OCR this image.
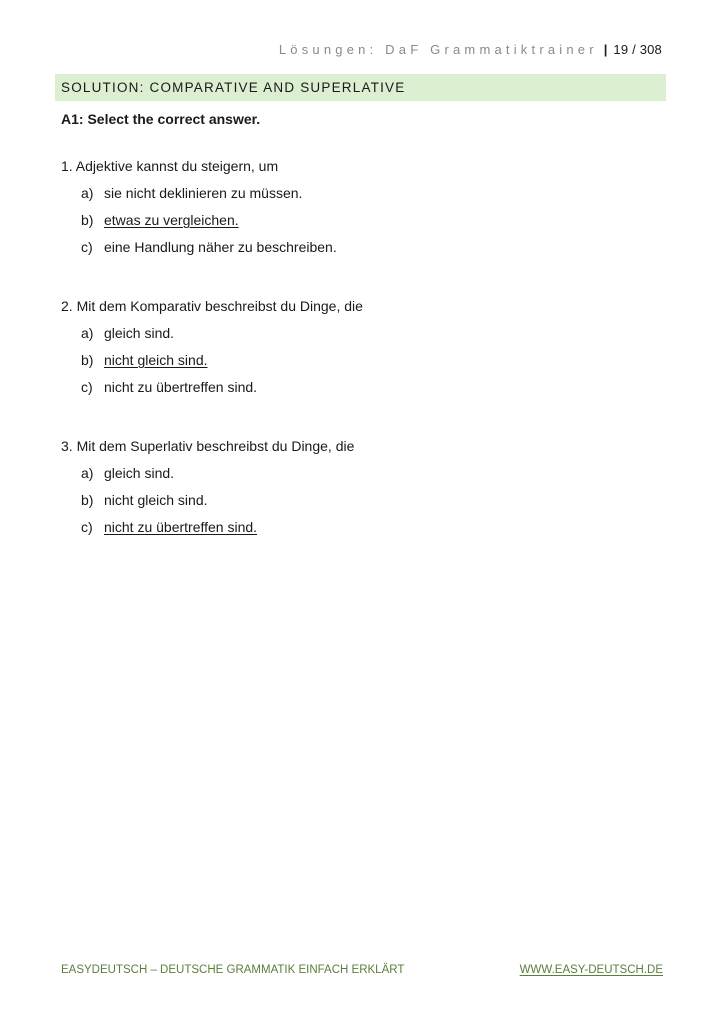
Lösungen: DaF Grammatiktrainer | 19 / 308
SOLUTION: COMPARATIVE AND SUPERLATIVE
A1: Select the correct answer.
1. Adjektive kannst du steigern, um
a) sie nicht deklinieren zu müssen.
b) etwas zu vergleichen.
c) eine Handlung näher zu beschreiben.
2. Mit dem Komparativ beschreibst du Dinge, die
a) gleich sind.
b) nicht gleich sind.
c) nicht zu übertreffen sind.
3. Mit dem Superlativ beschreibst du Dinge, die
a) gleich sind.
b) nicht gleich sind.
c) nicht zu übertreffen sind.
EASYDEUTSCH – DEUTSCHE GRAMMATIK EINFACH ERKLÄRT	WWW.EASY-DEUTSCH.DE
